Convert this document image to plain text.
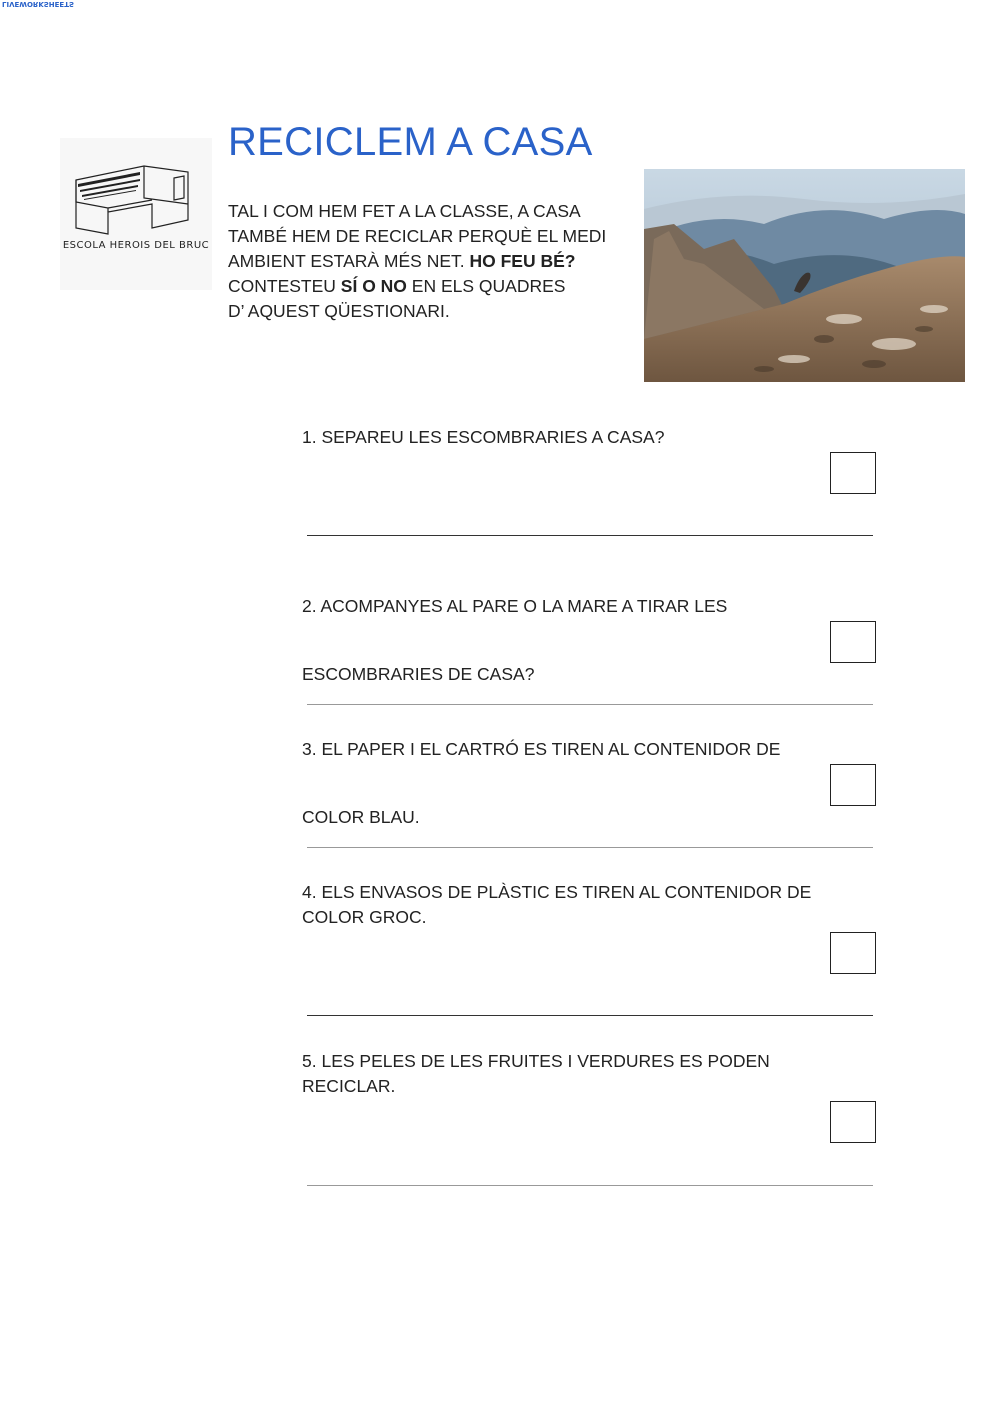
LIVEWORKSHEETS
ESCOLA HEROIS DEL BRUC
RECICLEM A CASA

TAL I COM HEM FET A LA CLASSE, A CASA

TAMBÉ HEM DE RECICLAR PERQUÈ EL MEDI

AMBIENT ESTARÀ MÉS NET. HO FEU BÉ?

CONTESTEU SÍ O NO EN ELS QUADRES

D’ AQUEST QÜESTIONARI.

1. SEPAREU LES ESCOMBRARIES A CASA?

2. ACOMPANYES AL PARE O LA MARE A TIRAR LES

ESCOMBRARIES DE CASA?

3. EL PAPER I EL CARTRÓ ES TIREN AL CONTENIDOR DE

COLOR BLAU.

4. ELS ENVASOS DE PLÀSTIC ES TIREN AL CONTENIDOR DE

COLOR GROC.

5. LES PELES DE LES FRUITES I VERDURES ES PODEN

RECICLAR.
